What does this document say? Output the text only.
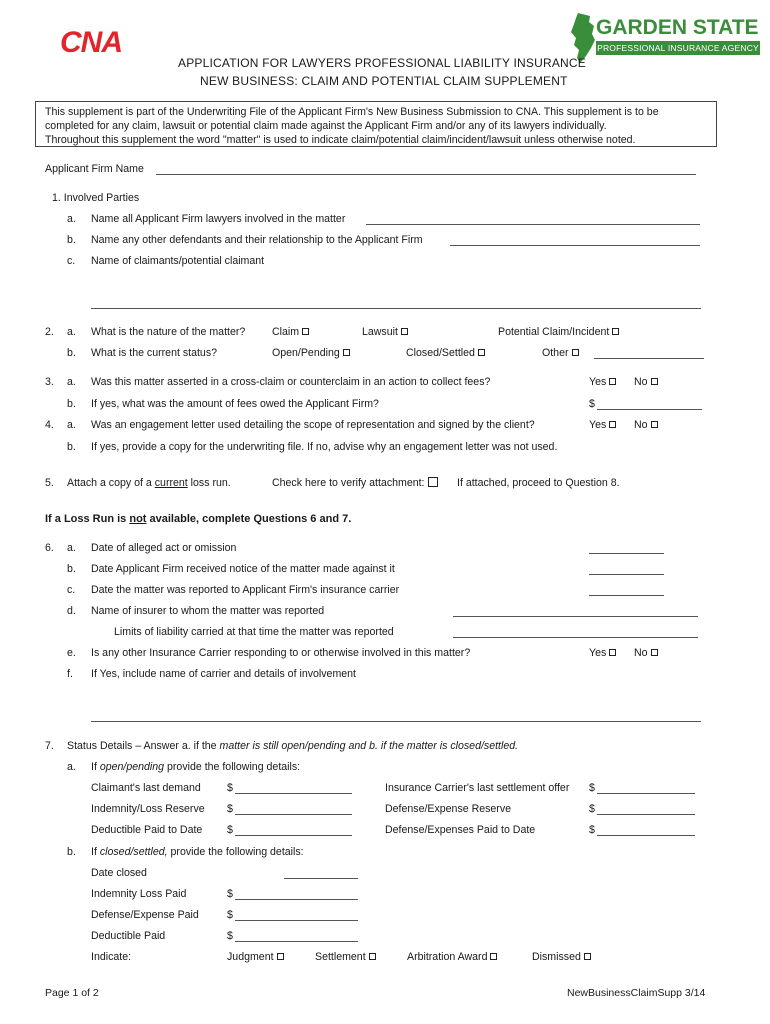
CNA	GARDEN STATE
PROFESSIONAL INSURANCE AGENCY
APPLICATION FOR LAWYERS PROFESSIONAL LIABILITY INSURANCE
NEW BUSINESS: CLAIM AND POTENTIAL CLAIM SUPPLEMENT
This supplement is part of the Underwriting File of the Applicant Firm's New Business Submission to CNA. This supplement is to be
completed for any claim, lawsuit or potential claim made against the Applicant Firm and/or any of its lawyers individually.
Throughout this supplement the word "matter" is used to indicate claim/potential claim/incident/lawsuit unless otherwise noted.
Applicant Firm Name
1. Involved Parties
a. Name all Applicant Firm lawyers involved in the matter
b. Name any other defendants and their relationship to the Applicant Firm
c. Name of claimants/potential claimant
2. a. What is the nature of the matter?	Claim	Lawsuit	Potential Claim/Incident
b. What is the current status?	Open/Pending	Closed/Settled	Other
3. a. Was this matter asserted in a cross-claim or counterclaim in an action to collect fees?	Yes	No
b. If yes, what was the amount of fees owed the Applicant Firm?	$
4. a. Was an engagement letter used detailing the scope of representation and signed by the client?	Yes	No
b. If yes, provide a copy for the underwriting file. If no, advise why an engagement letter was not used.
5. Attach a copy of a current loss run.	Check here to verify attachment:	If attached, proceed to Question 8.
If a Loss Run is not available, complete Questions 6 and 7.
6. a. Date of alleged act or omission
b. Date Applicant Firm received notice of the matter made against it
c. Date the matter was reported to Applicant Firm's insurance carrier
d. Name of insurer to whom the matter was reported
Limits of liability carried at that time the matter was reported
e. Is any other Insurance Carrier responding to or otherwise involved in this matter?	Yes	No
f. If Yes, include name of carrier and details of involvement
7. Status Details – Answer a. if the matter is still open/pending and b. if the matter is closed/settled.
a. If open/pending provide the following details:
Claimant's last demand $	Insurance Carrier's last settlement offer $
Indemnity/Loss Reserve $	Defense/Expense Reserve	$
Deductible Paid to Date $	Defense/Expenses Paid to Date	$
b. If closed/settled, provide the following details:
Date closed
Indemnity Loss Paid	$
Defense/Expense Paid	$
Deductible Paid	$
Indicate:	Judgment	Settlement	Arbitration Award	Dismissed
Page 1 of 2	NewBusinessClaimSupp 3/14
